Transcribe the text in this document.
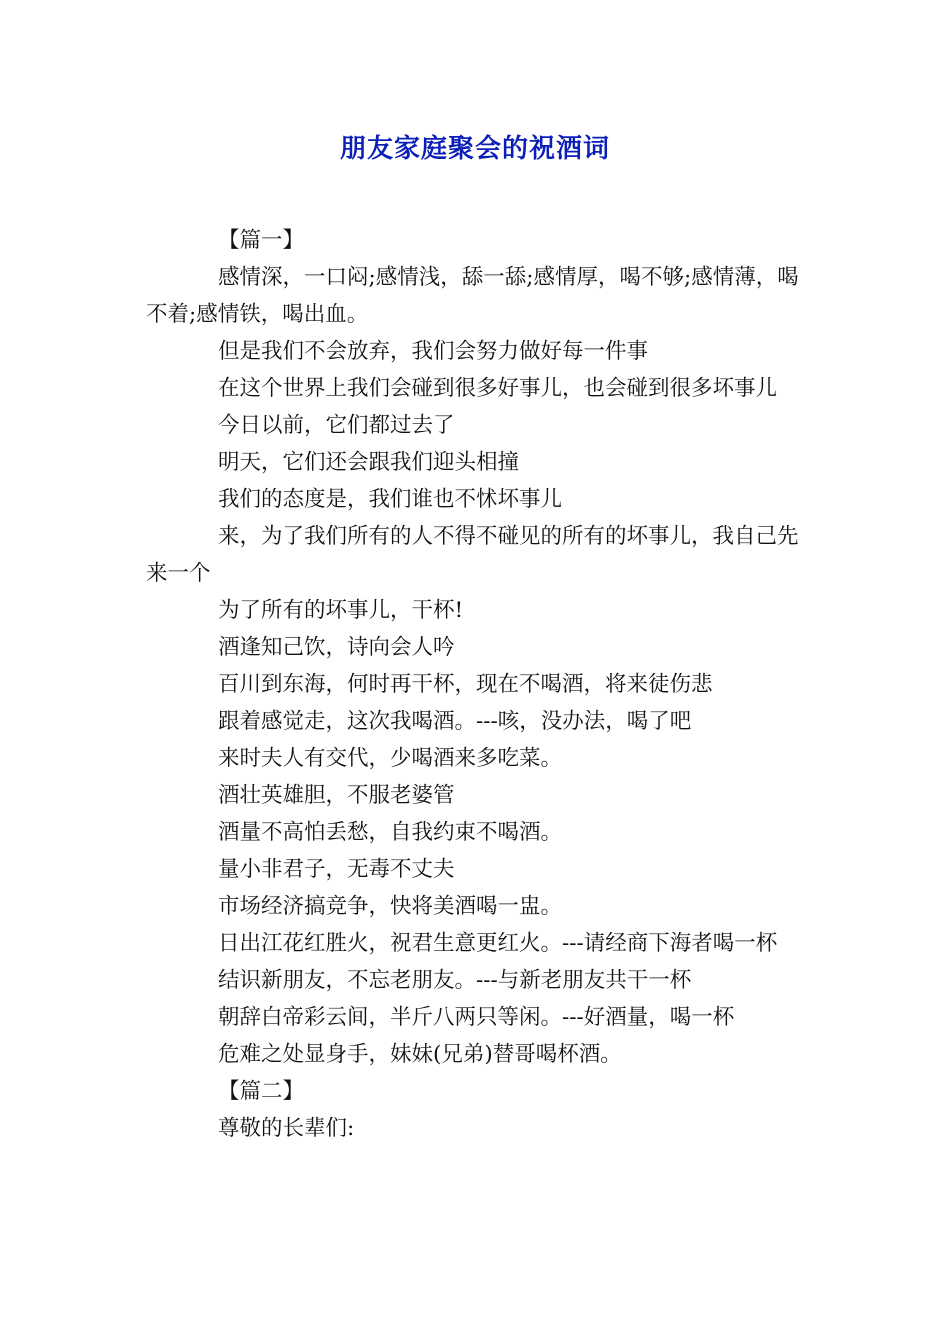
朋友家庭聚会的祝酒词

【篇一】

感情深，一口闷;感情浅，舔一舔;感情厚，喝不够;感情薄，喝不着;感情铁，喝出血。

但是我们不会放弃，我们会努力做好每一件事

在这个世界上我们会碰到很多好事儿，也会碰到很多坏事儿

今日以前，它们都过去了

明天，它们还会跟我们迎头相撞

我们的态度是，我们谁也不怵坏事儿

来，为了我们所有的人不得不碰见的所有的坏事儿，我自己先来一个

为了所有的坏事儿，干杯!

酒逢知己饮，诗向会人吟

百川到东海，何时再干杯，现在不喝酒，将来徒伤悲

跟着感觉走，这次我喝酒。---咳，没办法，喝了吧

来时夫人有交代，少喝酒来多吃菜。

酒壮英雄胆，不服老婆管

酒量不高怕丢愁，自我约束不喝酒。

量小非君子，无毒不丈夫

市场经济搞竞争，快将美酒喝一盅。

日出江花红胜火，祝君生意更红火。---请经商下海者喝一杯

结识新朋友，不忘老朋友。---与新老朋友共干一杯

朝辞白帝彩云间，半斤八两只等闲。---好酒量，喝一杯

危难之处显身手，妹妹(兄弟)替哥喝杯酒。

【篇二】

尊敬的长辈们:
